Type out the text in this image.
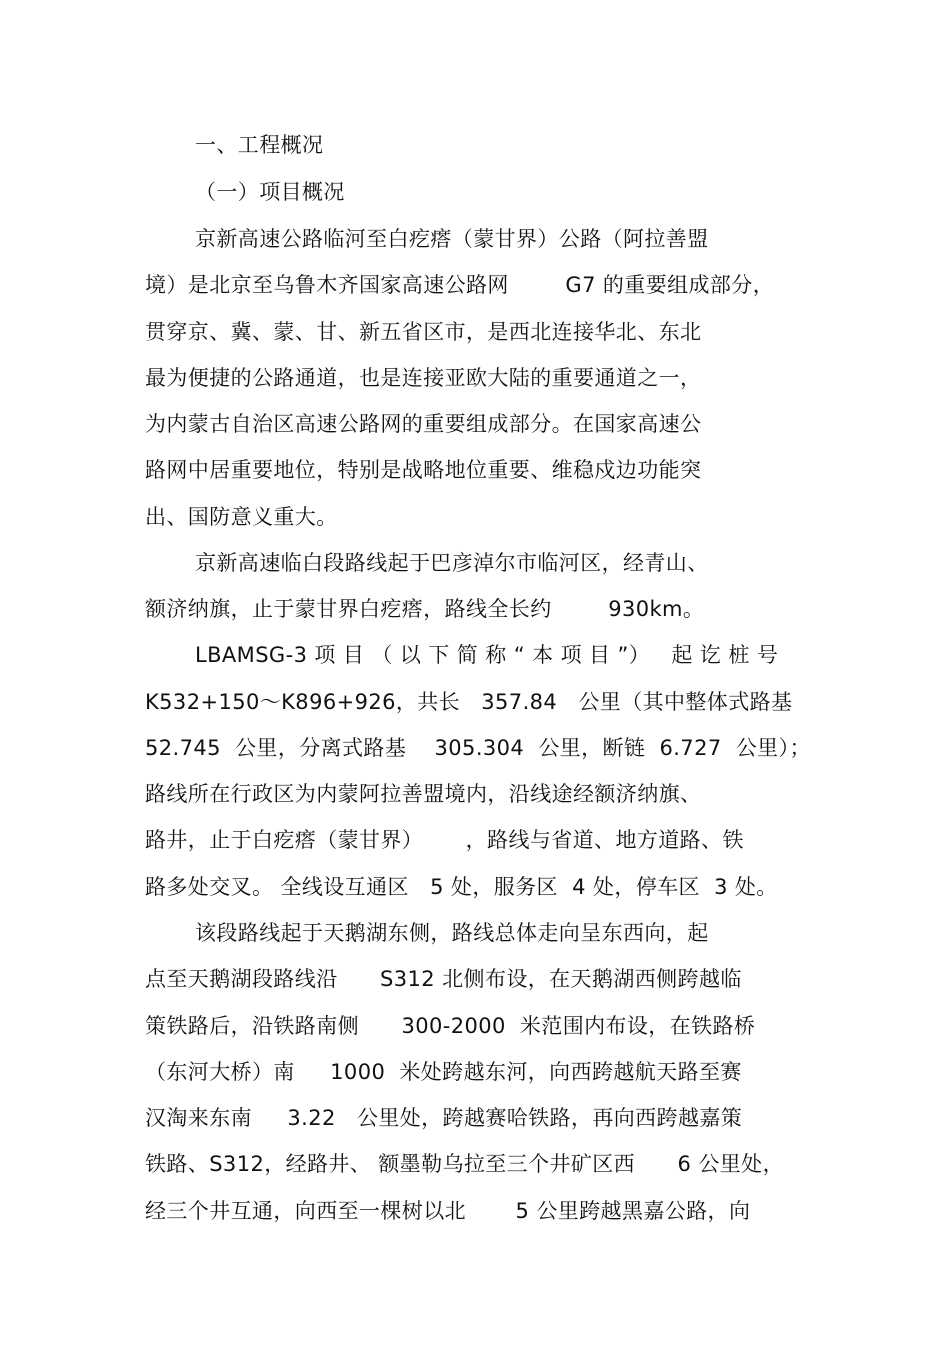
一、工程概况
（一）项目概况
京新高速公路临河至白疙瘩（蒙甘界）公路（阿拉善盟
境）是北京至乌鲁木齐国家高速公路网        G7 的重要组成部分，
贯穿京、冀、蒙、甘、新五省区市，是西北连接华北、东北
最为便捷的公路通道，也是连接亚欧大陆的重要通道之一，
为内蒙古自治区高速公路网的重要组成部分。在国家高速公
路网中居重要地位，特别是战略地位重要、维稳戍边功能突
出、国防意义重大。
京新高速临白段路线起于巴彦淖尔市临河区，经青山、
额济纳旗，止于蒙甘界白疙瘩，路线全长约        930km。
LBAMSG-3 项 目 （ 以 下 简 称 “ 本 项 目 ”）   起 讫 桩 号
K532+150～K896+926，共长   357.84   公里（其中整体式路基
52.745  公里，分离式路基    305.304  公里，断链  6.727  公里）；
路线所在行政区为内蒙阿拉善盟境内，沿线途经额济纳旗、
路井，止于白疙瘩（蒙甘界）      ，路线与省道、地方道路、铁
路多处交叉。 全线设互通区   5 处，服务区  4 处，停车区  3 处。
该段路线起于天鹅湖东侧，路线总体走向呈东西向，起
点至天鹅湖段路线沿      S312 北侧布设，在天鹅湖西侧跨越临
策铁路后，沿铁路南侧      300-2000  米范围内布设，在铁路桥
（东河大桥）南     1000  米处跨越东河，向西跨越航天路至赛
汉淘来东南     3.22   公里处，跨越赛哈铁路，再向西跨越嘉策
铁路、S312，经路井、 额墨勒乌拉至三个井矿区西      6 公里处，
经三个井互通，向西至一棵树以北       5 公里跨越黑嘉公路，向
